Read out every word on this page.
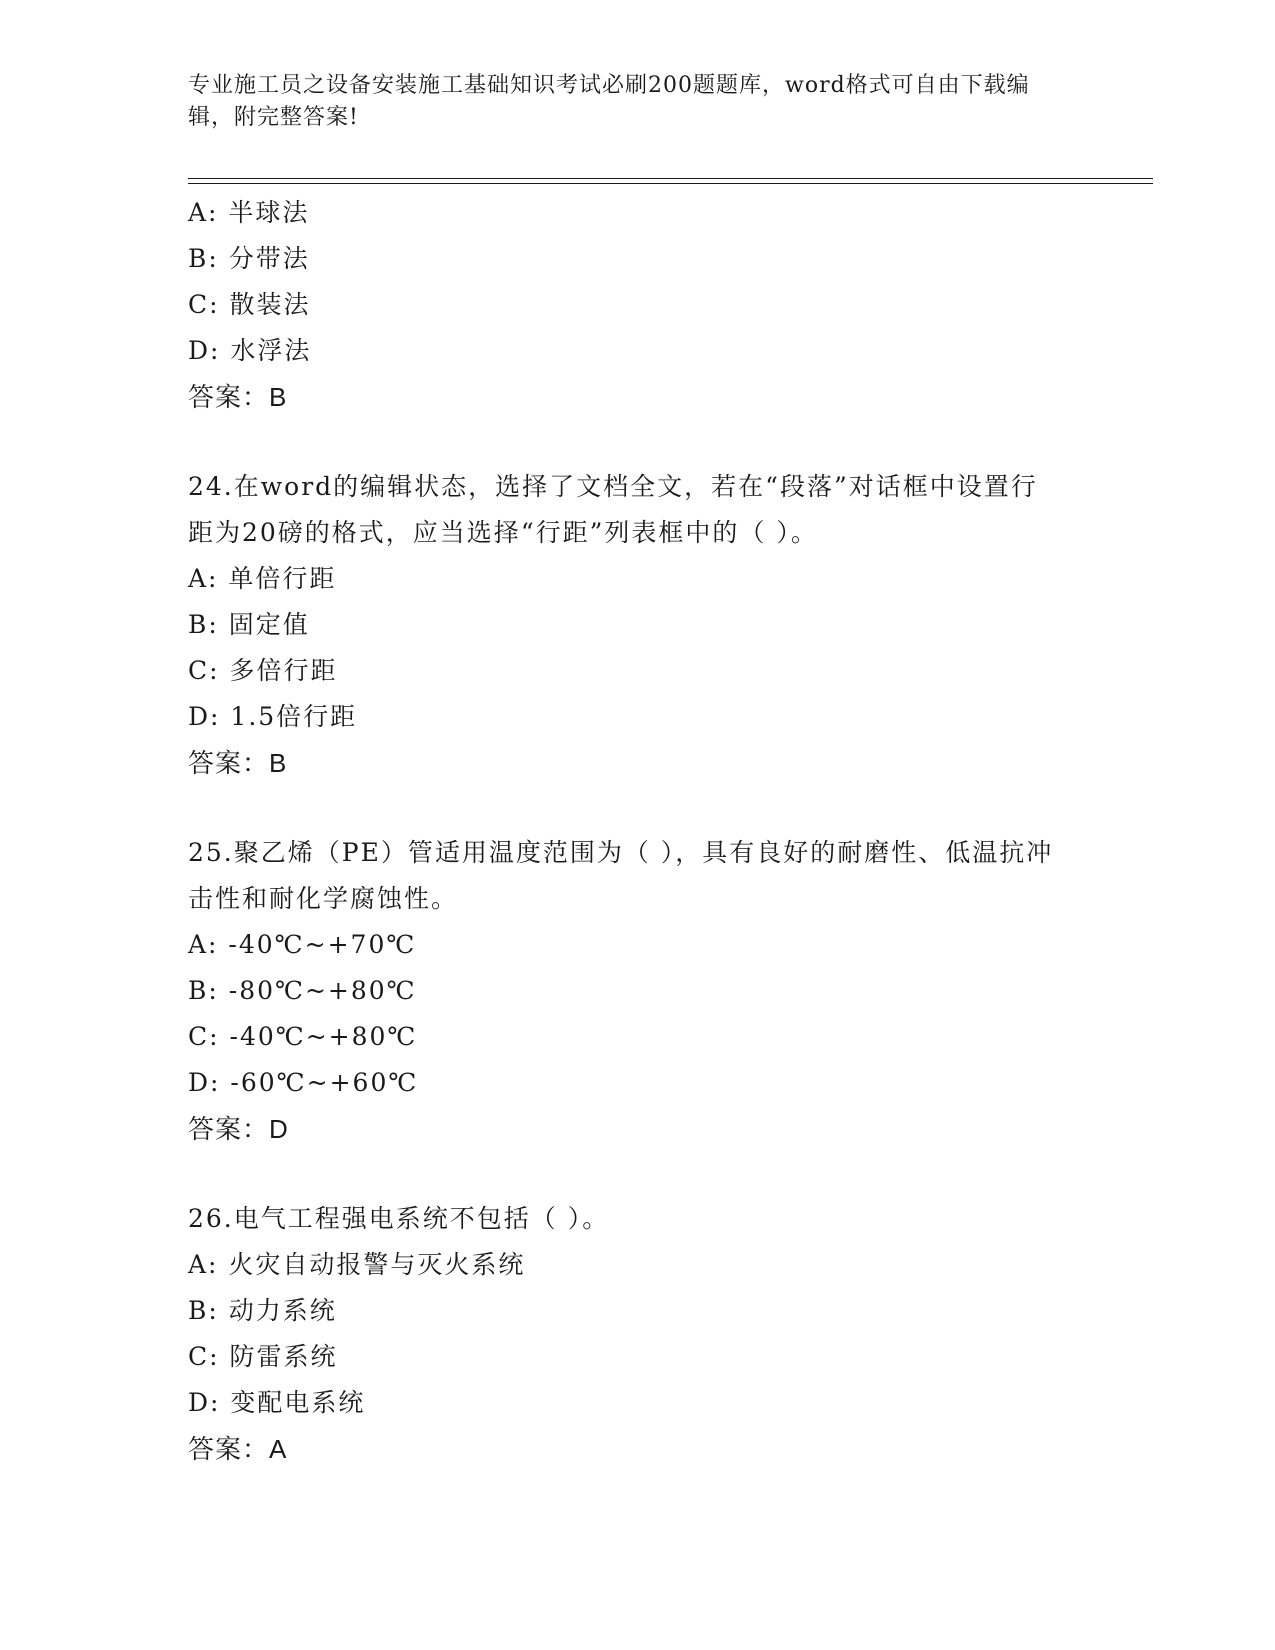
专业施工员之设备安装施工基础知识考试必刷200题题库，word格式可自由下载编辑，附完整答案!
A: 半球法
B: 分带法
C: 散装法
D: 水浮法
答案：B
24.在word的编辑状态，选择了文档全文，若在“段落”对话框中设置行距为20磅的格式，应当选择“行距”列表框中的（ ）。
A: 单倍行距
B: 固定值
C: 多倍行距
D: 1.5倍行距
答案：B
25.聚乙烯（PE）管适用温度范围为（ ），具有良好的耐磨性、低温抗冲击性和耐化学腐蚀性。
A: -40℃~+70℃
B: -80℃~+80℃
C: -40℃~+80℃
D: -60℃~+60℃
答案：D
26.电气工程强电系统不包括（ ）。
A: 火灾自动报警与灭火系统
B: 动力系统
C: 防雷系统
D: 变配电系统
答案：A
